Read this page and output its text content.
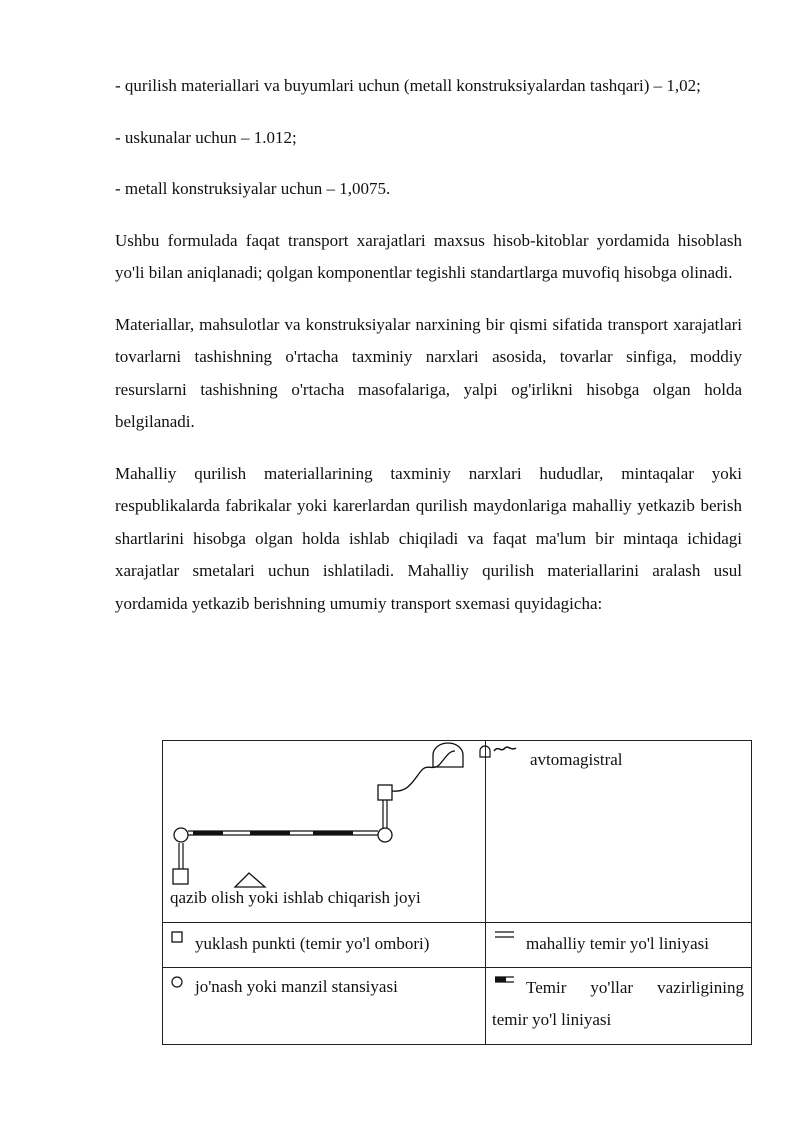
- qurilish materiallari va buyumlari uchun (metall konstruksiyalardan tashqari) – 1,02;

- uskunalar uchun – 1.012;

- metall konstruksiyalar uchun – 1,0075.

Ushbu formulada faqat transport xarajatlari maxsus hisob-kitoblar yordamida hisoblash yo'li bilan aniqlanadi; qolgan komponentlar tegishli standartlarga muvofiq hisobga olinadi.

Materiallar, mahsulotlar va konstruksiyalar narxining bir qismi sifatida transport xarajatlari tovarlarni tashishning o'rtacha taxminiy narxlari asosida, tovarlar sinfiga, moddiy resurslarni tashishning o'rtacha masofalariga, yalpi og'irlikni hisobga olgan holda belgilanadi.

Mahalliy qurilish materiallarining taxminiy narxlari hududlar, mintaqalar yoki respublikalarda fabrikalar yoki karerlardan qurilish maydonlariga mahalliy yetkazib berish shartlarini hisobga olgan holda ishlab chiqiladi va faqat ma'lum bir mintaqa ichidagi xarajatlar smetalari uchun ishlatiladi. Mahalliy qurilish materiallarini aralash usul yordamida yetkazib berishning umumiy transport sxemasi quyidagicha:

qazib olish yoki ishlab chiqarish joyi	avtomagistral

yuklash punkti (temir yo'l ombori)	mahalliy temir yo'l liniyasi

jo'nash yoki manzil stansiyasi	Temir yo'llar vazirligining temir yo'l liniyasi
